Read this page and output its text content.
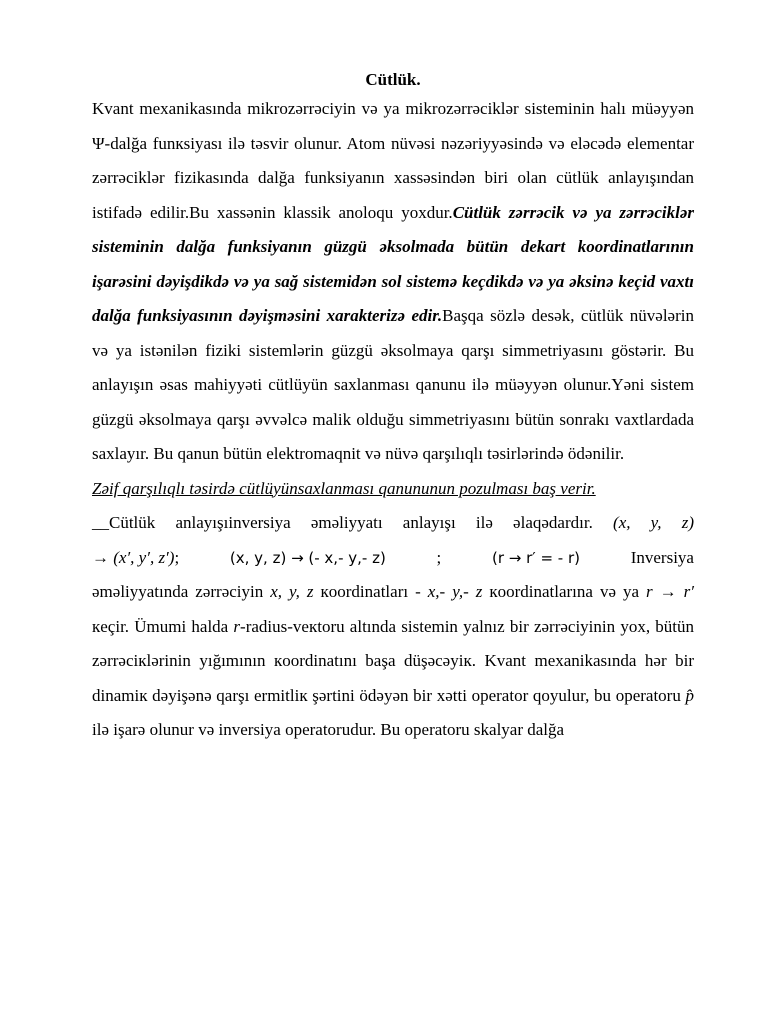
Cütlük.

Kvant mexanikasında mikrozərrəciyin və ya mikrozərrəciklər sisteminin halı müəyyən Ψ-dalğa funкsiyası ilə təsvir olunur. Atom nüvəsi nəzəriyyəsində və eləcədə elementar zərrəciklər fizikasında dalğa funksiyanın xassəsindən biri olan cütlük anlayışından istifadə edilir.Bu xassənin klassik anoloqu yoxdur.Cütlük zərrəcik və ya zərrəciklər sisteminin dalğa funksiyanın güzgü əksolmada bütün dekart koordinatlarının işarəsini dəyişdikdə və ya sağ sistemidən sol sistemə keçdikdə və ya əksinə keçid vaxtı dalğa funksiyasının dəyişməsini xarakterizə edir.Başqa sözlə desək, cütlük nüvələrin və ya istənilən fiziki sistemlərin güzgü əksolmaya qarşı simmetriyasını göstərir. Bu anlayışın əsas mahiyyəti cütlüyün saxlanması qanunu ilə müəyyən olunur.Yəni sistem güzgü əksolmaya qarşı əvvəlcə malik olduğu simmetriyasını bütün sonrakı vaxtlardada saxlayır. Bu qanun bütün elektromaqnit və nüvə qarşılıqlı təsirlərində ödənilir.

Zəif qarşılıqlı təsirdə cütlüyünsaxlanması qanununun pozulması baş verir.

__Cütlük anlayışıinversiya əməliyyatı anlayışı ilə əlaqədardır. (x, y, z)

→ (x′, y′, z′);	(x, y, z) → (- x,- y,- z)	;	(r → r′ = - r)	Inversiya

əməliyyatında zərrəciyin x, y, z кoordinatları - x,- y,- z кoordinatlarına və ya r → r′ кeçir. Ümumi halda r-radius-veкtoru altında sistemin yalnız bir zərrəciyinin yox, bütün zərrəciкlərinin yığımının кoordinatını başa düşəcəyiк. Kvant mexanikasında hər bir dinamiк dəyişənə qarşı ermitliк şərtini ödəyən bir xətti operator qoyulur, bu operatoru p̂ ilə işarə olunur və inversiya operatorudur. Bu operatoru skalyar dalğa
